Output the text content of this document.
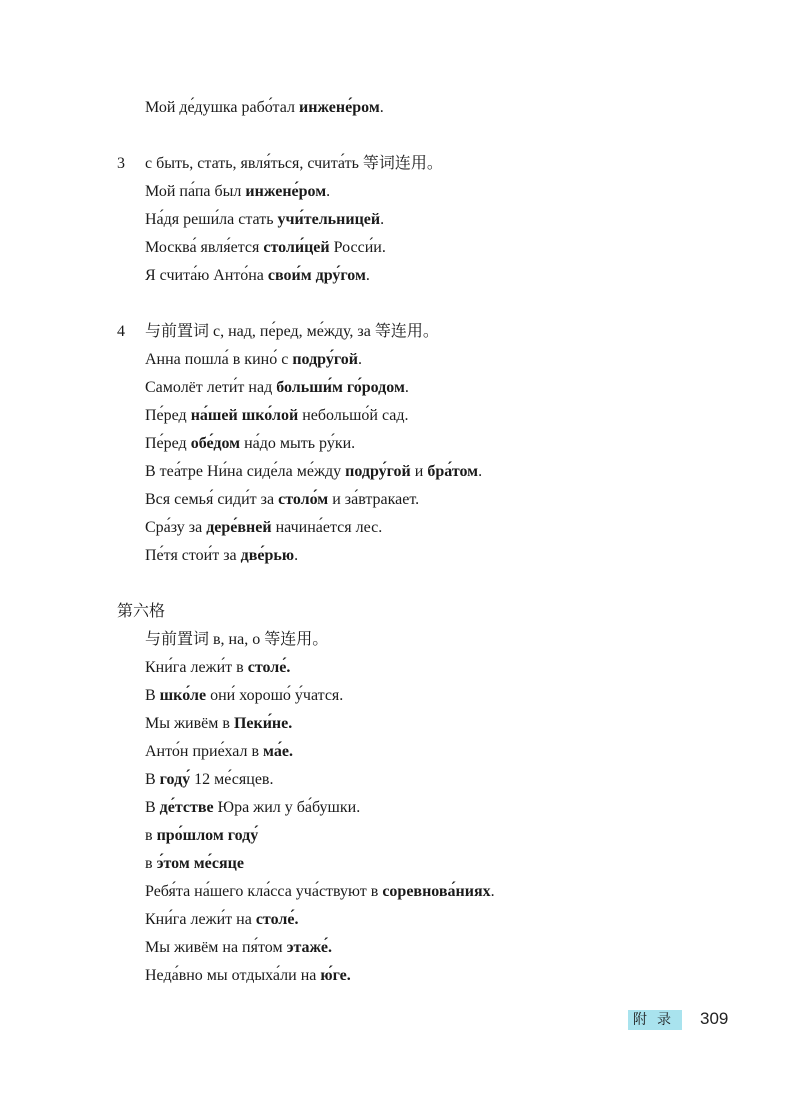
3
4
Мой де́душка рабо́тал инжене́ром.
с быть, стать, явля́ться, счита́ть 等词连用。
Мой па́па был инжене́ром.
На́дя реши́ла стать учи́тельницей.
Москва́ явля́ется столи́цей Росси́и.
Я счита́ю Анто́на свои́м дру́гом.
与前置词 с, над, пе́ред, ме́жду, за 等连用。
Анна пошла́ в кино́ с подру́гой.
Самолёт лети́т над больши́м го́родом.
Пе́ред на́шей шко́лой небольшо́й сад.
Пе́ред обе́дом на́до мыть ру́ки.
В теа́тре Ни́на сиде́ла ме́жду подру́гой и бра́том.
Вся семья́ сиди́т за столо́м и за́втракает.
Сра́зу за дере́вней начина́ется лес.
Пе́тя стои́т за две́рью.
与前置词 в, на, о 等连用。
Кни́га лежи́т в столе́.
В шко́ле они́ хорошо́ у́чатся.
Мы живём в Пеки́не.
Анто́н прие́хал в ма́е.
В году́ 12 ме́сяцев.
В де́тстве Юра жил у ба́бушки.
в про́шлом году́
в э́том ме́сяце
Ребя́та на́шего кла́сса уча́ствуют в соревнова́ниях.
Кни́га лежи́т на столе́.
Мы живём на пя́том этаже́.
Неда́вно мы отдыха́ли на ю́ге.
第六格
附录 309
